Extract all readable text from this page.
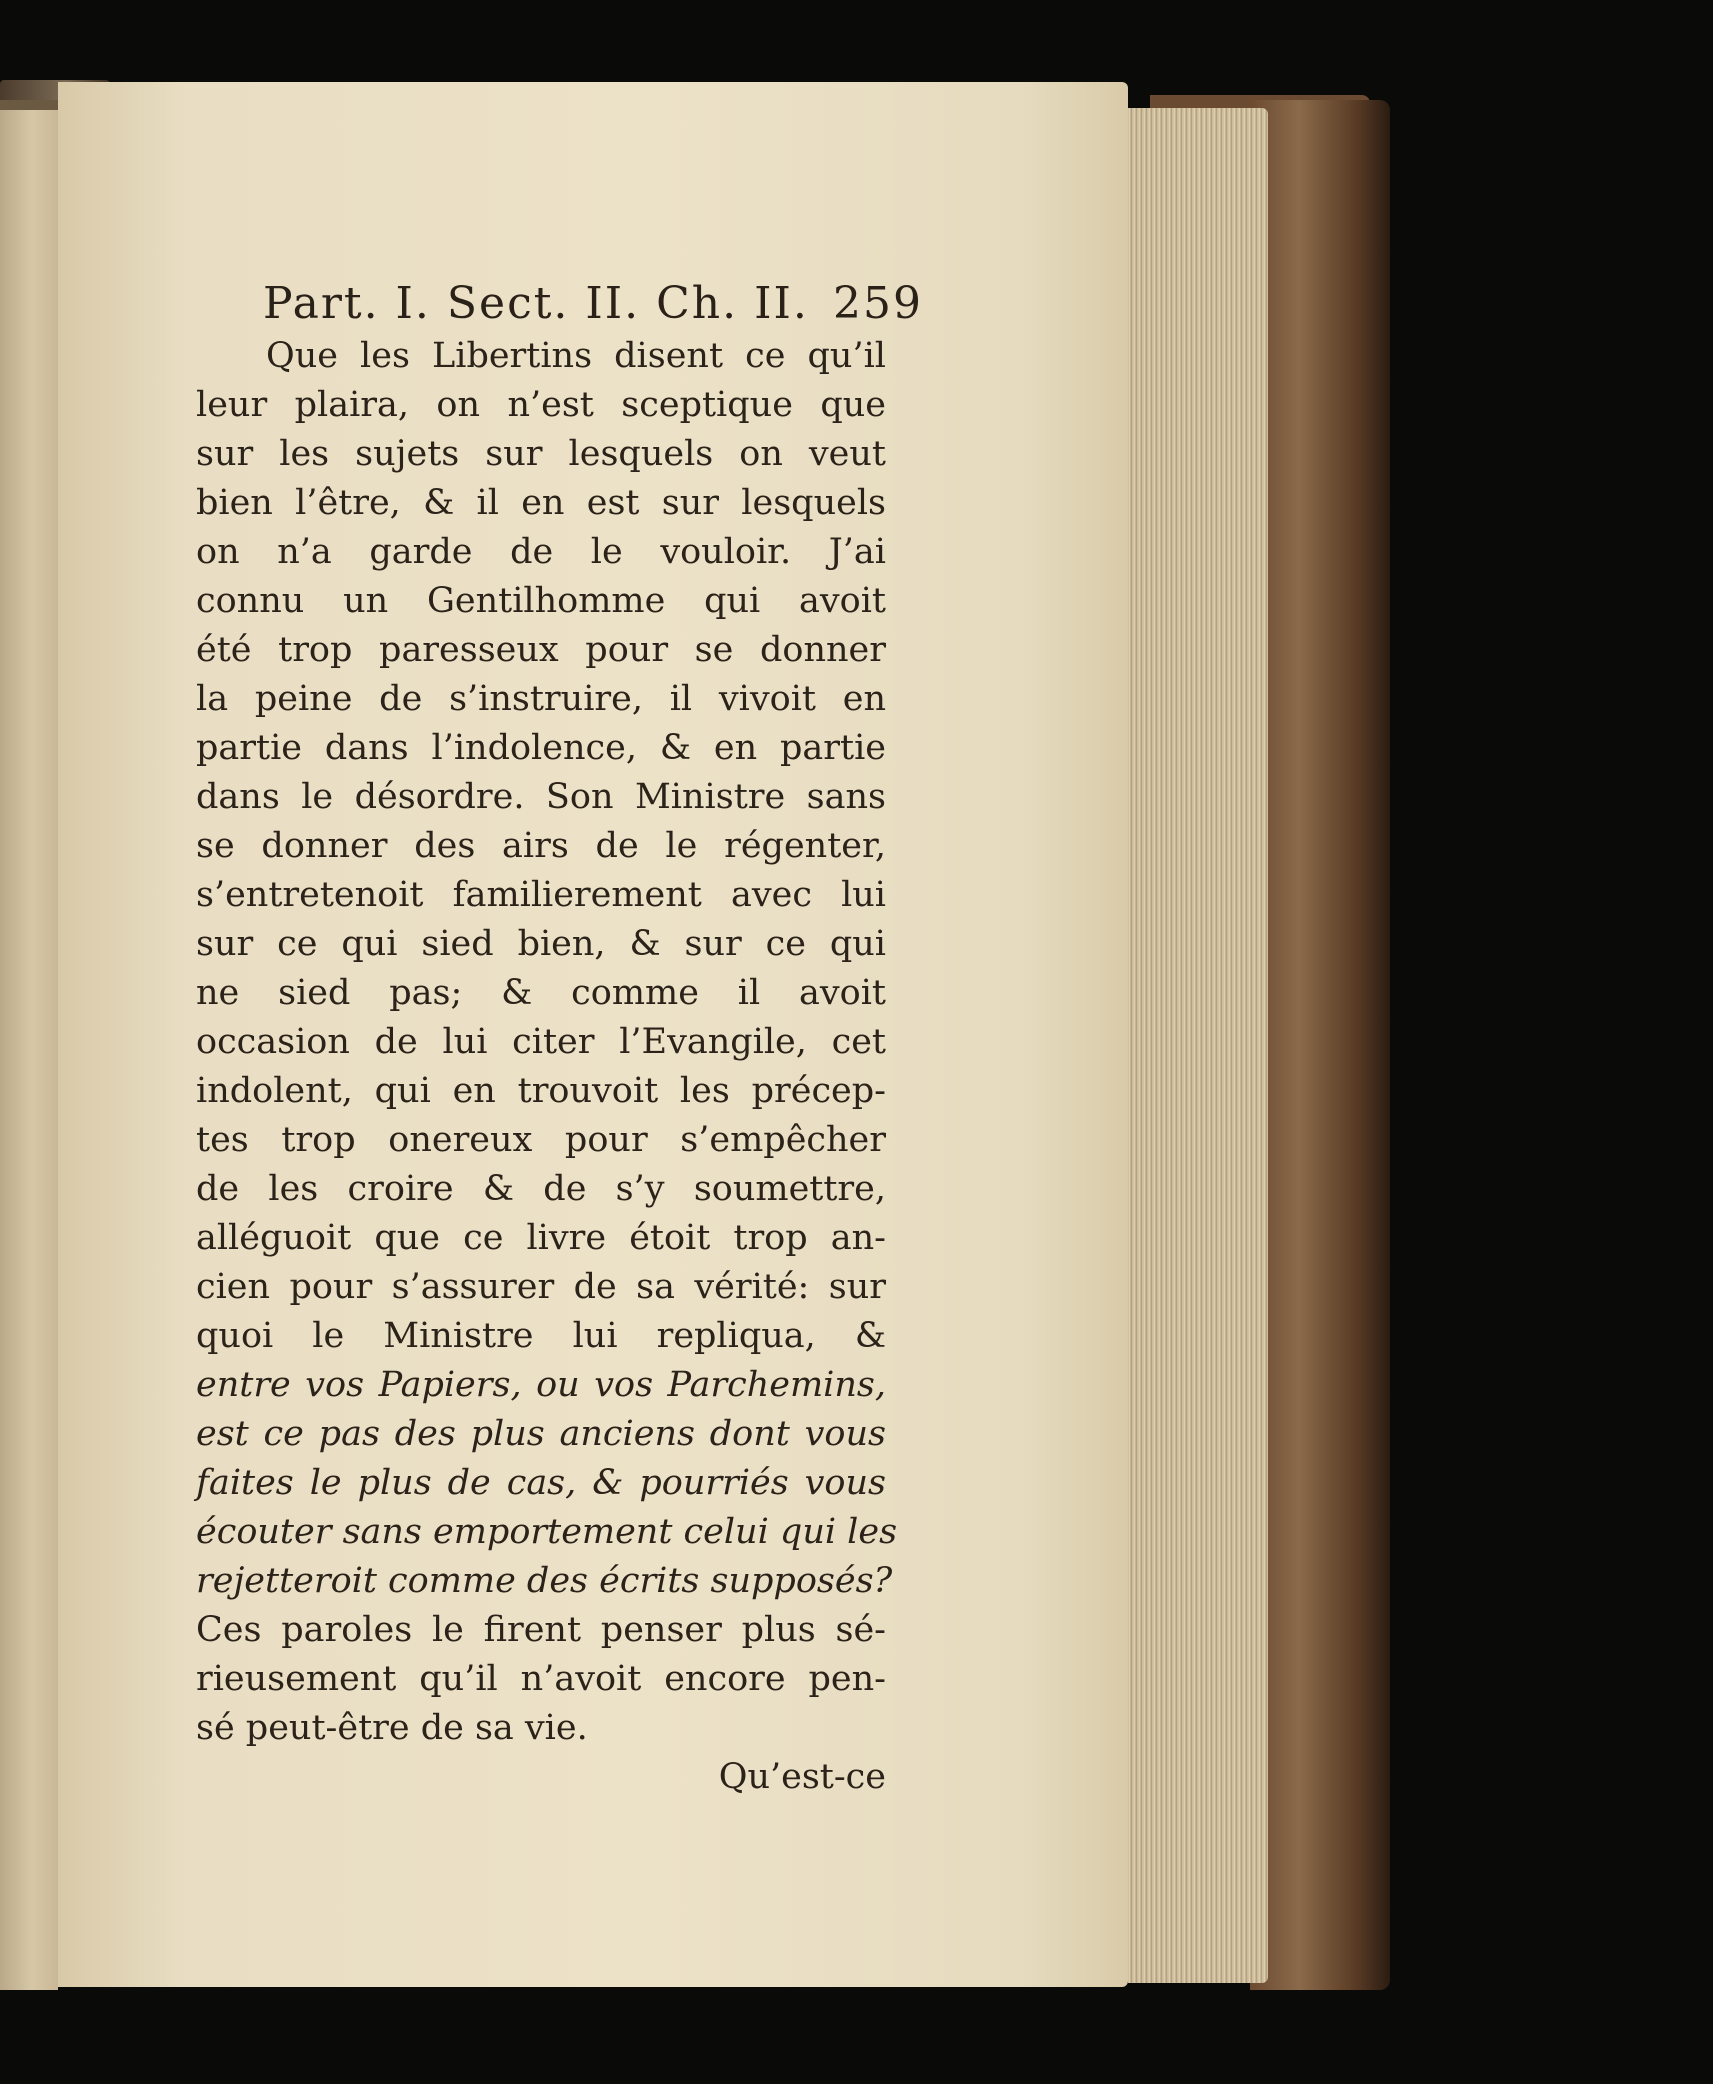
Part. I. Sect. II. Ch. II. 259
Que les Libertins disent ce qu’il
leur plaira, on n’est sceptique que
sur les sujets sur lesquels on veut
bien l’être, & il en est sur lesquels
on n’a garde de le vouloir. J’ai
connu un Gentilhomme qui avoit
été trop paresseux pour se donner
la peine de s’instruire, il vivoit en
partie dans l’indolence, & en partie
dans le désordre. Son Ministre sans
se donner des airs de le régenter,
s’entretenoit familierement avec lui
sur ce qui sied bien, & sur ce qui
ne sied pas; & comme il avoit
occasion de lui citer l’Evangile, cet
indolent, qui en trouvoit les précep-
tes trop onereux pour s’empêcher
de les croire & de s’y soumettre,
alléguoit que ce livre étoit trop an-
cien pour s’assurer de sa vérité: sur
quoi le Ministre lui repliqua, &
entre vos Papiers, ou vos Parchemins,
est ce pas des plus anciens dont vous
faites le plus de cas, & pourriés vous
écouter sans emportement celui qui les
rejetteroit comme des écrits supposés?
Ces paroles le firent penser plus sé-
rieusement qu’il n’avoit encore pen-
sé peut-être de sa vie.
Qu’est-ce
